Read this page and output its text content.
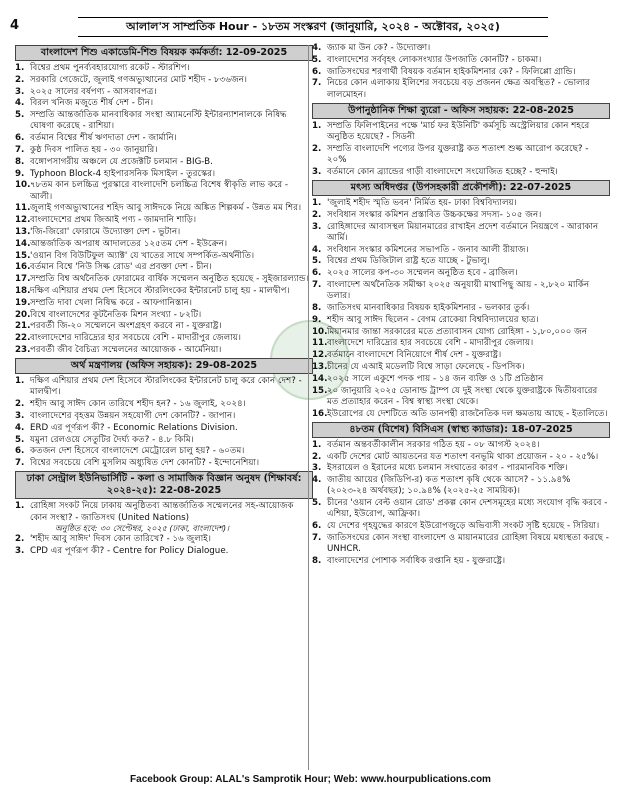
4	আলাল'স সাম্প্রতিক Hour - ১৮তম সংস্করণ (জানুয়ারি, ২০২৪ - অক্টোবর, ২০২৫)
বাংলাদেশ শিশু একাডেমি-শিশু বিষয়ক কর্মকর্তা: 12-09-2025
1. বিশ্বের প্রথম পুনর্ব্যবহারযোগ্য রকেট - স্টারশিপ।
2. সরকারি গেজেটে, জুলাই গণঅভ্যুত্থানের মোট শহীদ - ৮৩৬জন।
3. ২০২৫ সালের বর্ষপণ্য - আসবাবপত্র।
4. বিরল খনিজ মজুতে শীর্ষ দেশ - চীন।
5. সম্প্রতি আন্তর্জাতিক মানবাধিকার সংস্থা অ্যামনেস্টি ইন্টারন্যাশনালকে নিষিদ্ধ ঘোষণা করেছে - রাশিয়া।
6. বর্তমান বিশ্বের শীর্ষ ঋণদাতা দেশ - জার্মানি।
7. কুষ্ঠ দিবস পালিত হয় - ৩০ জানুয়ারি।
8. বঙ্গোপসাগরীয় অঞ্চলে যে প্রজেক্টটি চলমান - BIG-B.
9. Typhoon Block-4 হাইপারসনিক মিসাইল - তুরস্কের।
10. ৭৮তম কান চলচ্চিত্র পুরস্কারে বাংলাদেশি চলচ্চিত্র বিশেষ স্বীকৃতি লাভ করে - আলী।
11. জুলাই গণঅভ্যুত্থানের শহিদ আবু সাঈদকে নিয়ে অঙ্কিত শিল্পকর্ম - উন্নত মম শির।
12. বাংলাদেশের প্রথম জিআই পণ্য - জামদানি শাড়ি।
13. 'জি-জিরো' ফোরামে উদ্যোক্তা দেশ - ভুটান।
14. আন্তর্জাতিক অপরাধ আদালতের ১২৫তম দেশ - ইউক্রেন।
15. 'ওয়ান বিগ বিউটিফুল অ্যাক্ট' যে খাতের সাথে সম্পর্কিত-অর্থনীতি।
16. বর্তমান বিশ্বে 'নিউ সিল্ক রোড' এর প্রবক্তা দেশ - চীন।
17. সম্প্রতি বিশ্ব অর্থনৈতিক ফোরামের বার্ষিক সম্মেলন অনুষ্ঠিত হয়েছে - সুইজারল্যান্ড।
18. দক্ষিণ এশিয়ার প্রথম দেশ হিসেবে স্টারলিংকের ইন্টারনেট চালু হয় - মালদ্বীপ।
19. সম্প্রতি দাবা খেলা নিষিদ্ধ করে - আফগানিস্তান।
20. বিশ্বে বাংলাদেশের কূটনৈতিক মিশন সংখ্যা - ৮২টি।
21. পরবর্তী জি-২০ সম্মেলনে অংশগ্রহণ করবে না - যুক্তরাষ্ট্র।
22. বাংলাদেশের দারিদ্র্যের হার সবচেয়ে বেশি - মাদারীপুর জেলায়।
23. পরবর্তী জীব বৈচিত্র্য সম্মেলনের আয়োজক - আর্মেনিয়া।
অর্থ মন্ত্রণালয় (অফিস সহায়ক): 29-08-2025
1. দক্ষিণ এশিয়ার প্রথম দেশ হিসেবে স্টারলিংকের ইন্টারনেট চালু করে কোন দেশ? - মালদ্বীপ।
2. শহীদ আবু সাঈদ কোন তারিখে শহীদ হন? - ১৬ জুলাই, ২০২৪।
3. বাংলাদেশের বৃহত্তম উন্নয়ন সহযোগী দেশ কোনটি? - জাপান।
4. ERD এর পূর্ণরূপ কী? - Economic Relations Division.
5. যমুনা রেলওয়ে সেতুটির দৈর্ঘ্য কত? - ৪.৮ কিমি।
6. কতজন দেশ হিসেবে বাংলাদেশে মেট্রোরেল চালু হয়? - ৬০তম।
7. বিশ্বের সবচেয়ে বেশি মুসলিম অধ্যুষিত দেশ কোনটি? - ইন্দোনেশিয়া।
ঢাকা সেন্ট্রাল ইউনিভার্সিটি - কলা ও সামাজিক বিজ্ঞান অনুষদ (শিক্ষাবর্ষ: ২০২৪-২৫): 22-08-2025
1. রোহিঙ্গা সংকট নিয়ে ঢাকায় অনুষ্ঠিতব্য আন্তর্জাতিক সম্মেলনের সহ-আয়োজক কোন সংস্থা? - জাতিসংঘ (United Nations)
অনুষ্ঠিত হবে: ৩০ সেপ্টেম্বর, ২০২৫ (ঢাকা, বাংলাদেশ)।
2. 'শহীদ আবু সাঈদ' দিবস কোন তারিখে? - ১৬ জুলাই।
3. CPD এর পূর্ণরূপ কী? - Centre for Policy Dialogue.
4. জ্যাক মা উন কে? - উদ্যোক্তা।
5. বাংলাদেশের সর্ববৃহৎ লোকসংখ্যার উপজাতি কোনটি? - চাকমা।
6. জাতিসংঘের শরণার্থী বিষয়ক বর্তমান হাইকমিশনার কে? - ফিলিপ্পো গ্রান্ডি।
7. নিচের কোন এলাকায় ইলিশের সবচেয়ে বড় প্রজনন ক্ষেত্র অবস্থিত? - ভোলার লালমোহন।
উপানুষ্ঠানিক শিক্ষা ব্যুরো - অফিস সহায়ক: 22-08-2025
1. সম্প্রতি ফিলিপাইনের পক্ষে 'মার্চ ফর ইউনিটি' কর্মসূচি অস্ট্রেলিয়ার কোন শহরে অনুষ্ঠিত হয়েছে? - সিডনী
2. সম্প্রতি বাংলাদেশি পণ্যের উপর যুক্তরাষ্ট্র কত শতাংশ শুল্ক আরোপ করেছে? - ২০%
3. বর্তমানে কোন ব্র্যান্ডের গাড়ী বাংলাদেশে সংযোজিত হচ্ছে? - হুন্দাই।
মৎস্য অধিদপ্তর (উপসহকারী প্রকৌশলী): 22-07-2025
1. 'জুলাই শহীদ স্মৃতি ভবন' নির্মিত হয়- ঢাকা বিশ্ববিদ্যালয়।
2. সংবিধান সংস্কার কমিশন প্রস্তাবিত উচ্চকক্ষের সদস্য- ১০৫ জন।
3. রোহিঙ্গাদের আবাসস্থল মিয়ানমারের রাখাইন প্রদেশ বর্তমানে নিয়ন্ত্রণে - আরাকান আর্মি।
4. সংবিধান সংস্কার কমিশনের সভাপতি - জনাব আলী রীয়াজ।
5. বিশ্বের প্রথম ডিজিটাল রাষ্ট্র হতে যাচ্ছে - টুভালু।
6. ২০২৫ সালের কপ-৩০ সম্মেলন অনুষ্ঠিত হবে - ব্রাজিল।
7. বাংলাদেশ অর্থনৈতিক সমীক্ষা ২০২৫ অনুযায়ী মাথাপিছু আয় - ২,৮২০ মার্কিন ডলার।
8. জাতিসংঘ মানবাধিকার বিষয়ক হাইকমিশনার - ভলকার তুর্ক।
9. শহীদ আবু সাঈদ ছিলেন - বেগম রোকেয়া বিশ্ববিদ্যালয়ের ছাত্র।
10. মিয়ানমার জান্তা সরকারের মতে প্রত্যাবাসন যোগ্য রোহিঙ্গা - ১,৮০,০০০ জন
11. বাংলাদেশে দারিদ্র্যের হার সবচেয়ে বেশি - মাদারীপুর জেলায়।
12. বর্তমানে বাংলাদেশে বিনিয়োগে শীর্ষ দেশ - যুক্তরাষ্ট্র।
13. চীনের যে এআই মডেলটি বিশ্বে সাড়া ফেলেছে - ডিপসিক।
14. ২০২৫ সালে একুশে পদক পায় - ১৪ জন ব্যক্তি ও ১টি প্রতিষ্ঠান
15. ২০ জানুয়ারি ২০২৫ ডোনাল্ড ট্রাম্প যে দুই সংস্থা থেকে যুক্তরাষ্ট্রকে দ্বিতীয়বারের মত প্রত্যাহার করেন - বিশ্ব স্বাস্থ্য সংস্থা থেকে।
16. ইউরোপের যে দেশটিতে অতি ডানপন্থী রাজনৈতিক দল ক্ষমতায় আছে - ইতালিতে।
৪৮তম (বিশেষ) বিসিএস (স্বাস্থ্য ক্যাডার): 18-07-2025
1. বর্তমান অন্তবর্তীকালীন সরকার গঠিত হয় - ০৮ আগস্ট ২০২৪।
2. একটি দেশের মোট আয়তনের যত শতাংশ বনভূমি থাকা প্রয়োজন - ২০ - ২৫%।
3. ইসরায়েল ও ইরানের মধ্যে চলমান সংঘাতের কারণ - পারমানবিক শক্তি।
4. জাতীয় আয়ের (জিডিপি-র) কত শতাংশ কৃষি থেকে আসে? - ১১.৯৪% (২০২৩-২৪ অর্থবছর); ১০.৯৪% (২০২৫-২৫ সাময়িক)।
5. চীনের 'ওয়ান বেল্ট ওয়ান রোড' প্রকল্প কোন দেশসমূহের মধ্যে সংযোগ বৃদ্ধি করবে - এশিয়া, ইউরোপ, আফ্রিকা।
6. যে দেশের গৃহযুদ্ধের কারণে ইউরোপজুড়ে অভিবাসী সংকট সৃষ্টি হয়েছে - সিরিয়া।
7. জাতিসংঘের কোন সংস্থা বাংলাদেশ ও মায়ানমারের রোহিঙ্গা বিষয়ে মধ্যস্থতা করছে - UNHCR.
8. বাংলাদেশের পোশাক সর্বাধিক রপ্তানি হয় - যুক্তরাষ্ট্রে।
Facebook Group: ALAL's Samprotik Hour; Web: www.hourpublications.com
